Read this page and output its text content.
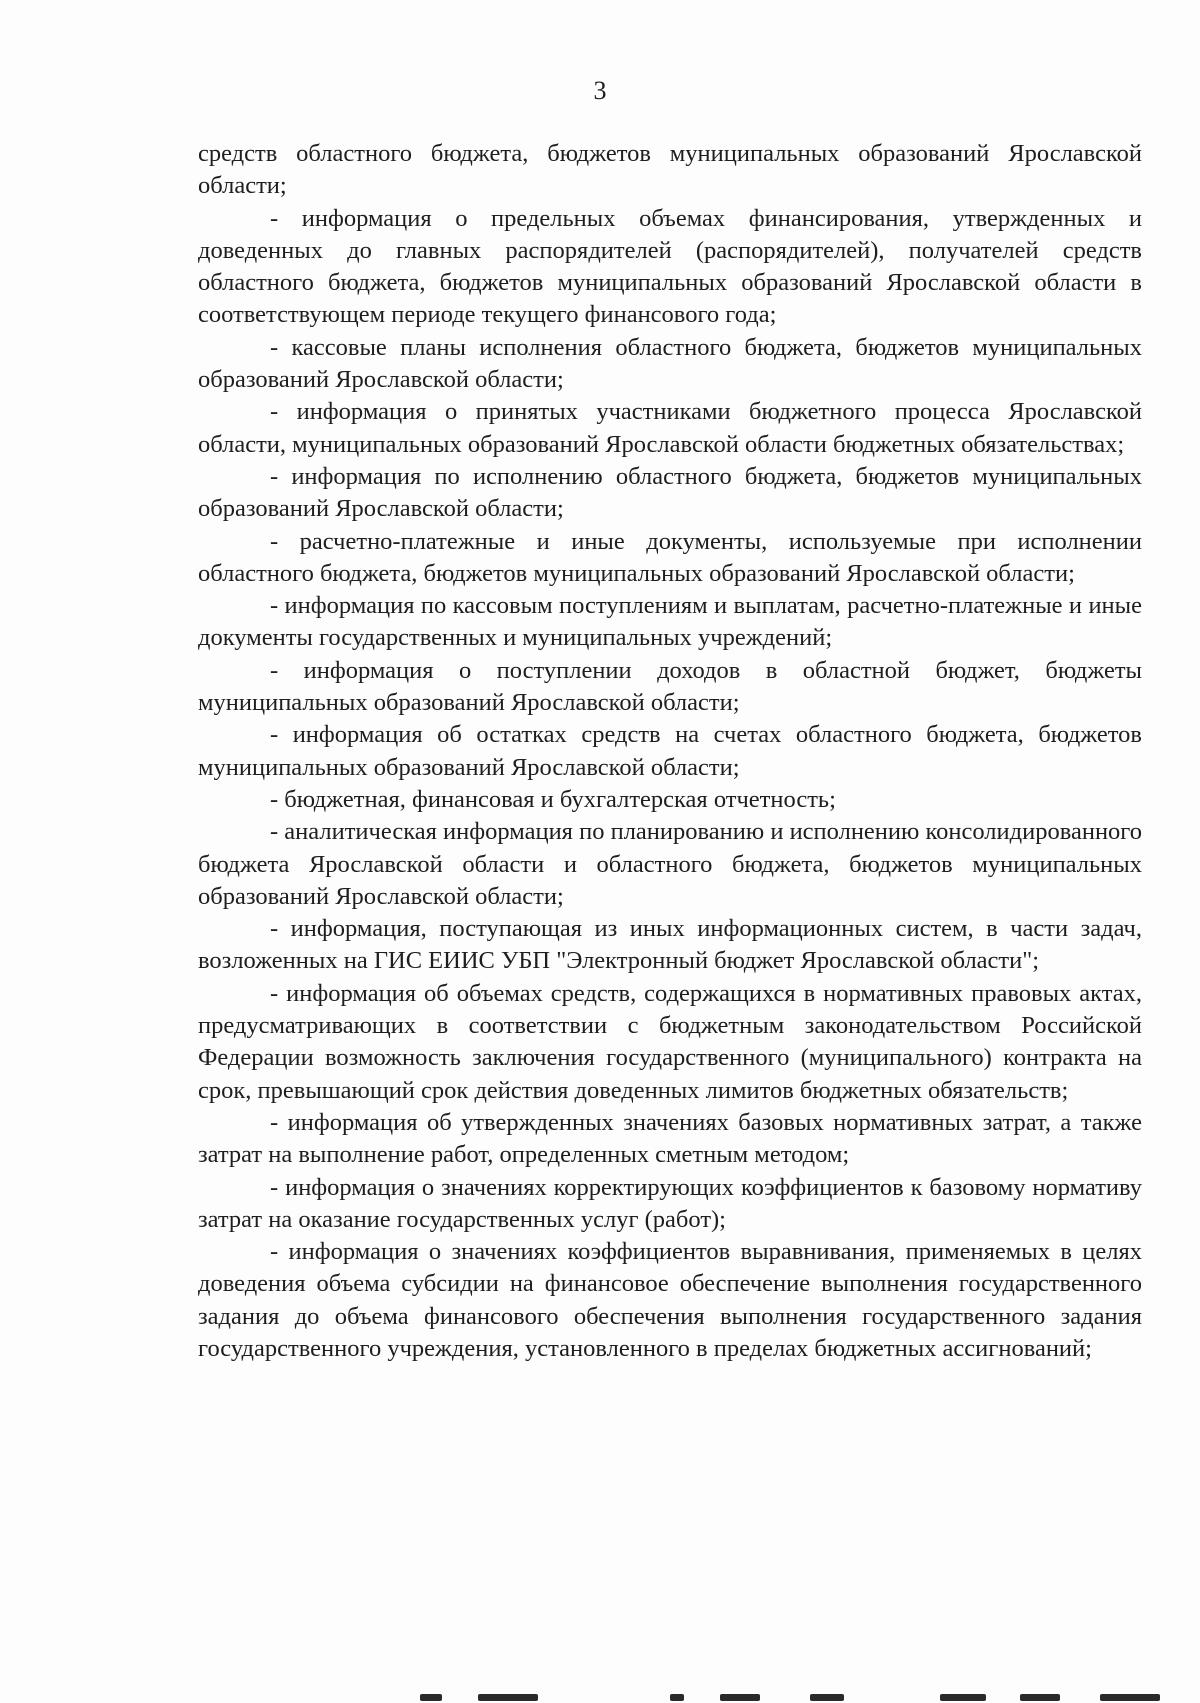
3

средств областного бюджета, бюджетов муниципальных образований Ярославской области;

- информация о предельных объемах финансирования, утвержденных и доведенных до главных распорядителей (распорядителей), получателей средств областного бюджета, бюджетов муниципальных образований Ярославской области в соответствующем периоде текущего финансового года;

- кассовые планы исполнения областного бюджета, бюджетов муниципальных образований Ярославской области;

- информация о принятых участниками бюджетного процесса Ярославской области, муниципальных образований Ярославской области бюджетных обязательствах;

- информация по исполнению областного бюджета, бюджетов муниципальных образований Ярославской области;

- расчетно-платежные и иные документы, используемые при исполнении областного бюджета, бюджетов муниципальных образований Ярославской области;

- информация по кассовым поступлениям и выплатам, расчетно-платежные и иные документы государственных и муниципальных учреждений;

- информация о поступлении доходов в областной бюджет, бюджеты муниципальных образований Ярославской области;

- информация об остатках средств на счетах областного бюджета, бюджетов муниципальных образований Ярославской области;

- бюджетная, финансовая и бухгалтерская отчетность;

- аналитическая информация по планированию и исполнению консолидированного бюджета Ярославской области и областного бюджета, бюджетов муниципальных образований Ярославской области;

- информация, поступающая из иных информационных систем, в части задач, возложенных на ГИС ЕИИС УБП "Электронный бюджет Ярославской области";

- информация об объемах средств, содержащихся в нормативных правовых актах, предусматривающих в соответствии с бюджетным законодательством Российской Федерации возможность заключения государственного (муниципального) контракта на срок, превышающий срок действия доведенных лимитов бюджетных обязательств;

- информация об утвержденных значениях базовых нормативных затрат, а также затрат на выполнение работ, определенных сметным методом;

- информация о значениях корректирующих коэффициентов к базовому нормативу затрат на оказание государственных услуг (работ);

- информация о значениях коэффициентов выравнивания, применяемых в целях доведения объема субсидии на финансовое обеспечение выполнения государственного задания до объема финансового обеспечения выполнения государственного задания государственного учреждения, установленного в пределах бюджетных ассигнований;
